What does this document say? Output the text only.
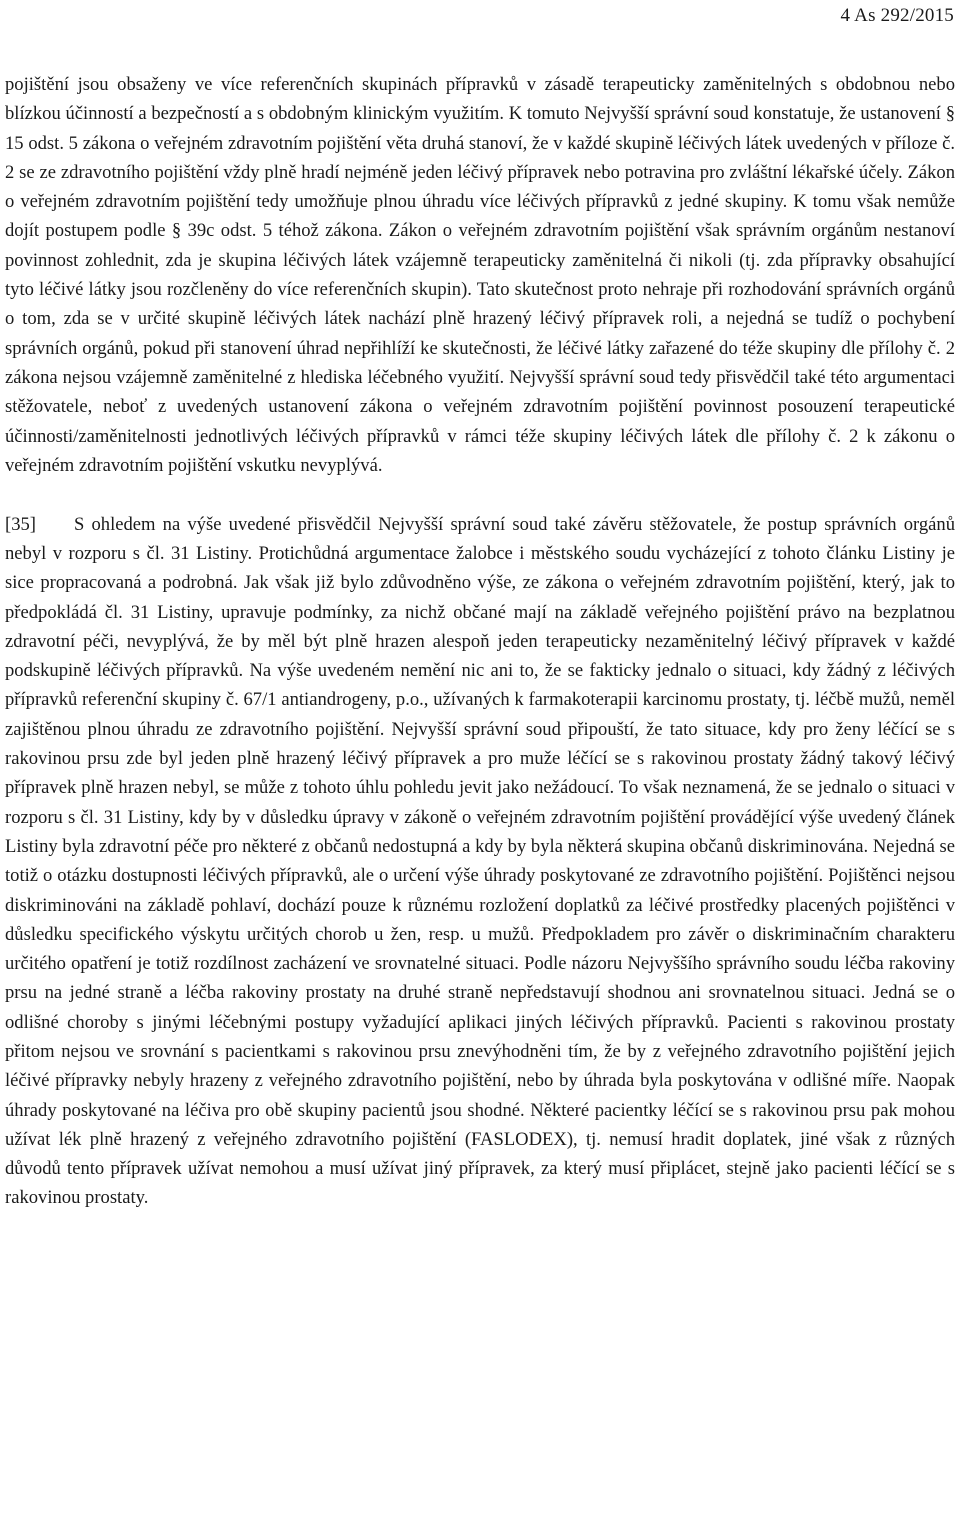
4 As 292/2015

pojištění jsou obsaženy ve více referenčních skupinách přípravků v zásadě terapeuticky zaměnitelných s obdobnou nebo blízkou účinností a bezpečností a s obdobným klinickým využitím. K tomuto Nejvyšší správní soud konstatuje, že ustanovení § 15 odst. 5 zákona o veřejném zdravotním pojištění věta druhá stanoví, že v každé skupině léčivých látek uvedených v příloze č. 2 se ze zdravotního pojištění vždy plně hradí nejméně jeden léčivý přípravek nebo potravina pro zvláštní lékařské účely. Zákon o veřejném zdravotním pojištění tedy umožňuje plnou úhradu více léčivých přípravků z jedné skupiny. K tomu však nemůže dojít postupem podle § 39c odst. 5 téhož zákona. Zákon o veřejném zdravotním pojištění však správním orgánům nestanoví povinnost zohlednit, zda je skupina léčivých látek vzájemně terapeuticky zaměnitelná či nikoli (tj. zda přípravky obsahující tyto léčivé látky jsou rozčleněny do více referenčních skupin). Tato skutečnost proto nehraje při rozhodování správních orgánů o tom, zda se v určité skupině léčivých látek nachází plně hrazený léčivý přípravek roli, a nejedná se tudíž o pochybení správních orgánů, pokud při stanovení úhrad nepřihlíží ke skutečnosti, že léčivé látky zařazené do téže skupiny dle přílohy č. 2 zákona nejsou vzájemně zaměnitelné z hlediska léčebného využití. Nejvyšší správní soud tedy přisvědčil také této argumentaci stěžovatele, neboť z uvedených ustanovení zákona o veřejném zdravotním pojištění povinnost posouzení terapeutické účinnosti/zaměnitelnosti jednotlivých léčivých přípravků v rámci téže skupiny léčivých látek dle přílohy č. 2 k zákonu o veřejném zdravotním pojištění vskutku nevyplývá.

[35] S ohledem na výše uvedené přisvědčil Nejvyšší správní soud také závěru stěžovatele, že postup správních orgánů nebyl v rozporu s čl. 31 Listiny. Protichůdná argumentace žalobce i městského soudu vycházející z tohoto článku Listiny je sice propracovaná a podrobná. Jak však již bylo zdůvodněno výše, ze zákona o veřejném zdravotním pojištění, který, jak to předpokládá čl. 31 Listiny, upravuje podmínky, za nichž občané mají na základě veřejného pojištění právo na bezplatnou zdravotní péči, nevyplývá, že by měl být plně hrazen alespoň jeden terapeuticky nezaměnitelný léčivý přípravek v každé podskupině léčivých přípravků. Na výše uvedeném nemění nic ani to, že se fakticky jednalo o situaci, kdy žádný z léčivých přípravků referenční skupiny č. 67/1 antiandrogeny, p.o., užívaných k farmakoterapii karcinomu prostaty, tj. léčbě mužů, neměl zajištěnou plnou úhradu ze zdravotního pojištění. Nejvyšší správní soud připouští, že tato situace, kdy pro ženy léčící se s rakovinou prsu zde byl jeden plně hrazený léčivý přípravek a pro muže léčící se s rakovinou prostaty žádný takový léčivý přípravek plně hrazen nebyl, se může z tohoto úhlu pohledu jevit jako nežádoucí. To však neznamená, že se jednalo o situaci v rozporu s čl. 31 Listiny, kdy by v důsledku úpravy v zákoně o veřejném zdravotním pojištění provádějící výše uvedený článek Listiny byla zdravotní péče pro některé z občanů nedostupná a kdy by byla některá skupina občanů diskriminována. Nejedná se totiž o otázku dostupnosti léčivých přípravků, ale o určení výše úhrady poskytované ze zdravotního pojištění. Pojištěnci nejsou diskriminováni na základě pohlaví, dochází pouze k různému rozložení doplatků za léčivé prostředky placených pojištěnci v důsledku specifického výskytu určitých chorob u žen, resp. u mužů. Předpokladem pro závěr o diskriminačním charakteru určitého opatření je totiž rozdílnost zacházení ve srovnatelné situaci. Podle názoru Nejvyššího správního soudu léčba rakoviny prsu na jedné straně a léčba rakoviny prostaty na druhé straně nepředstavují shodnou ani srovnatelnou situaci. Jedná se o odlišné choroby s jinými léčebnými postupy vyžadující aplikaci jiných léčivých přípravků. Pacienti s rakovinou prostaty přitom nejsou ve srovnání s pacientkami s rakovinou prsu znevýhodněni tím, že by z veřejného zdravotního pojištění jejich léčivé přípravky nebyly hrazeny z veřejného zdravotního pojištění, nebo by úhrada byla poskytována v odlišné míře. Naopak úhrady poskytované na léčiva pro obě skupiny pacientů jsou shodné. Některé pacientky léčící se s rakovinou prsu pak mohou užívat lék plně hrazený z veřejného zdravotního pojištění (FASLODEX), tj. nemusí hradit doplatek, jiné však z různých důvodů tento přípravek užívat nemohou a musí užívat jiný přípravek, za který musí připlácet, stejně jako pacienti léčící se s rakovinou prostaty.
